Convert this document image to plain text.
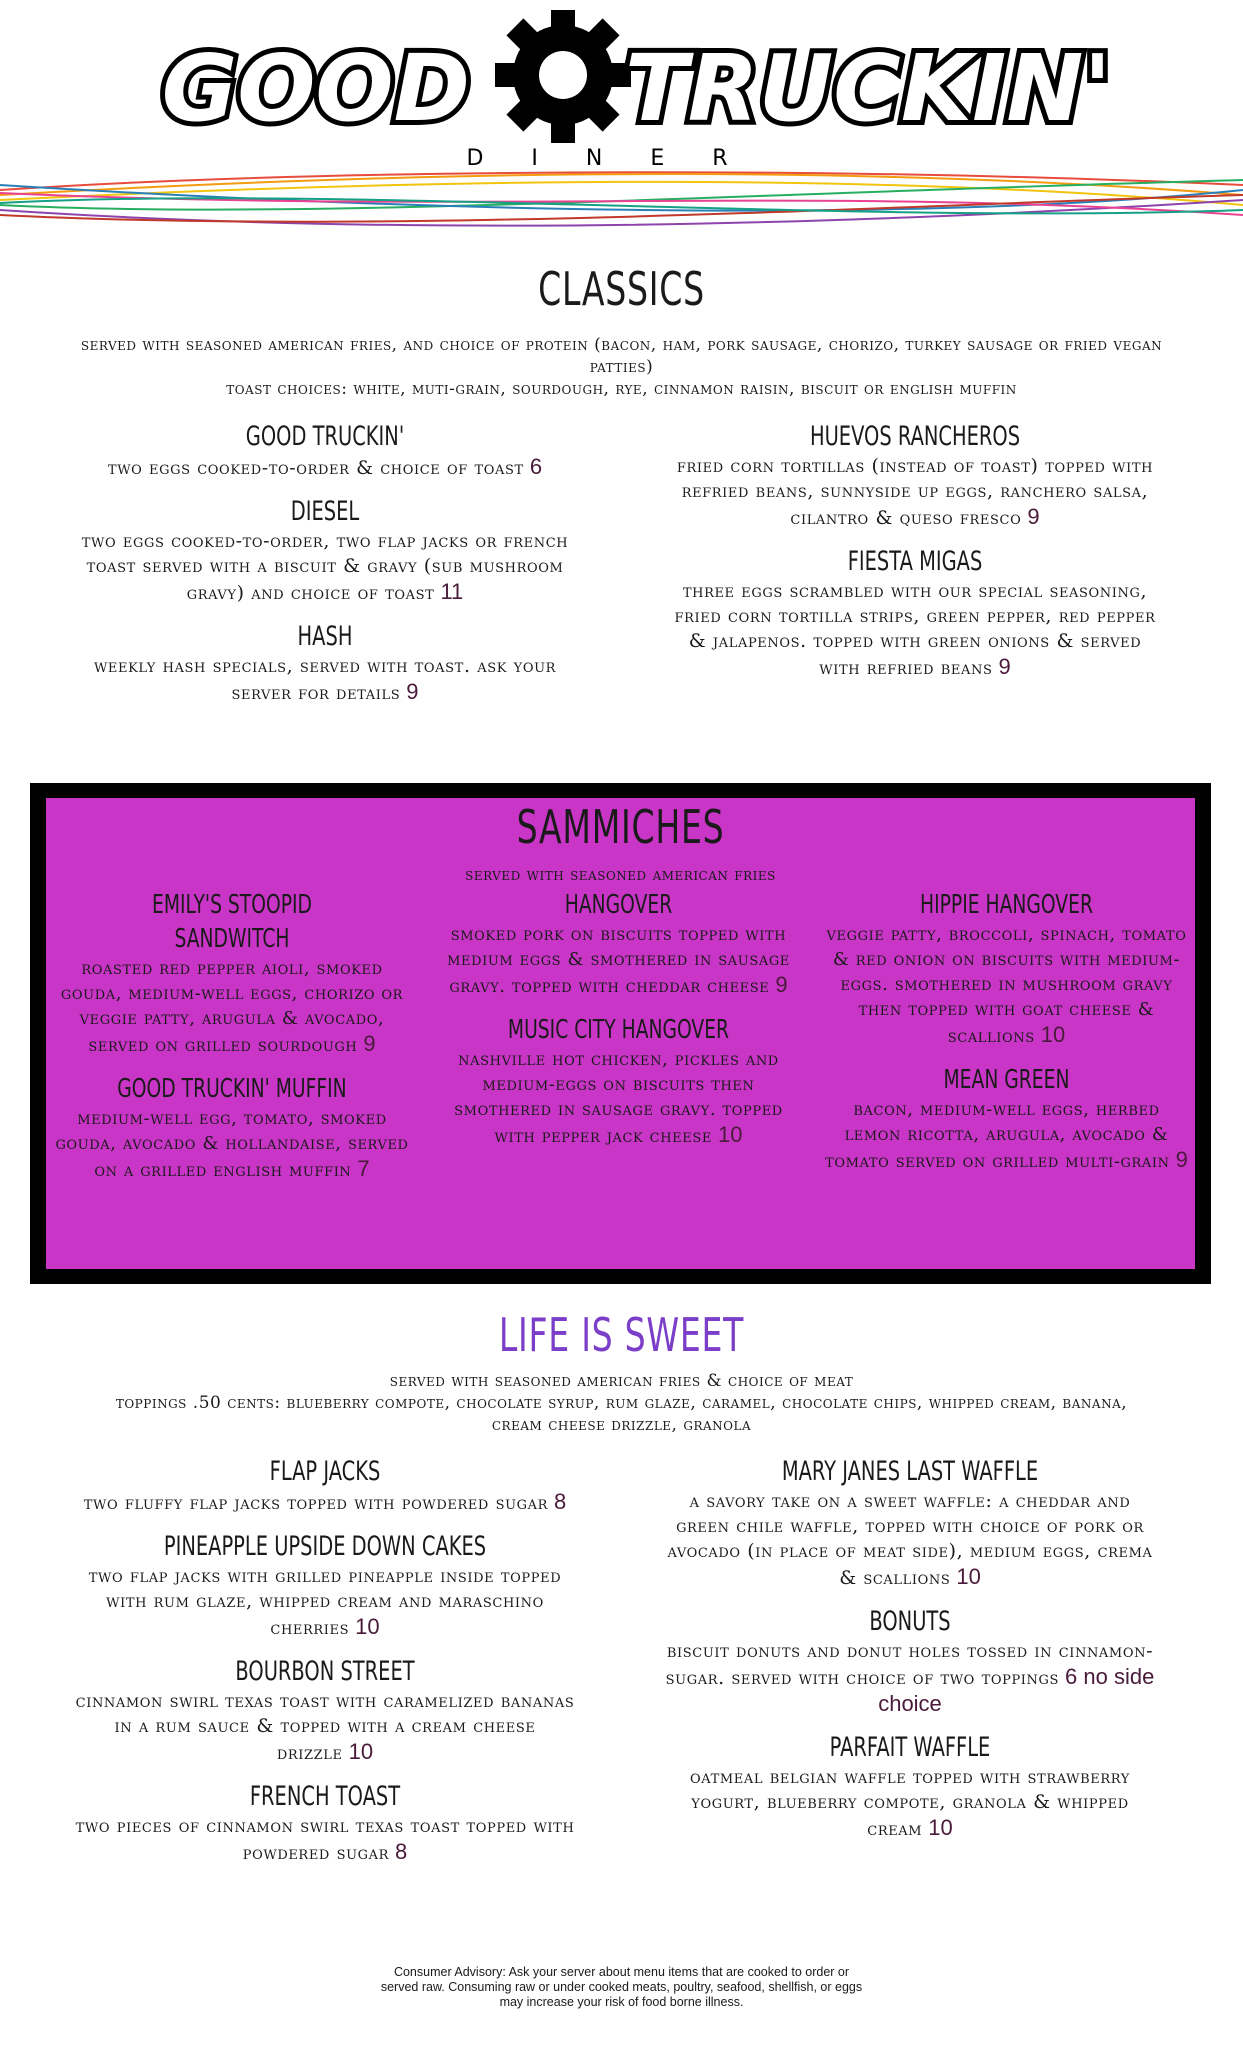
GOOD TRUCKIN'
DINER
CLASSICS
served with seasoned american fries, and choice of protein (bacon, ham, pork sausage, chorizo, turkey sausage or fried vegan patties)
toast choices: white, muti-grain, sourdough, rye, cinnamon raisin, biscuit or english muffin
GOOD TRUCKIN'
two eggs cooked-to-order & choice of toast 6
DIESEL
two eggs cooked-to-order, two flap jacks or french toast served with a biscuit & gravy (sub mushroom gravy) and choice of toast 11
HASH
weekly hash specials, served with toast. ask your server for details 9
HUEVOS RANCHEROS
fried corn tortillas (instead of toast) topped with refried beans, sunnyside up eggs, ranchero salsa, cilantro & queso fresco 9
FIESTA MIGAS
three eggs scrambled with our special seasoning, fried corn tortilla strips, green pepper, red pepper & jalapenos. topped with green onions & served with refried beans 9
SAMMICHES
served with seasoned american fries
EMILY'S STOOPID SANDWITCH
roasted red pepper aioli, smoked gouda, medium-well eggs, chorizo or veggie patty, arugula & avocado, served on grilled sourdough 9
GOOD TRUCKIN' MUFFIN
medium-well egg, tomato, smoked gouda, avocado & hollandaise, served on a grilled english muffin 7
HANGOVER
smoked pork on biscuits topped with medium eggs & smothered in sausage gravy. topped with cheddar cheese 9
MUSIC CITY HANGOVER
nashville hot chicken, pickles and medium-eggs on biscuits then smothered in sausage gravy. topped with pepper jack cheese 10
HIPPIE HANGOVER
veggie patty, broccoli, spinach, tomato & red onion on biscuits with medium-eggs. smothered in mushroom gravy then topped with goat cheese & scallions 10
MEAN GREEN
bacon, medium-well eggs, herbed lemon ricotta, arugula, avocado & tomato served on grilled multi-grain 9
LIFE IS SWEET
served with seasoned american fries & choice of meat
toppings .50 cents: blueberry compote, chocolate syrup, rum glaze, caramel, chocolate chips, whipped cream, banana, cream cheese drizzle, granola
FLAP JACKS
two fluffy flap jacks topped with powdered sugar 8
PINEAPPLE UPSIDE DOWN CAKES
two flap jacks with grilled pineapple inside topped with rum glaze, whipped cream and maraschino cherries 10
BOURBON STREET
cinnamon swirl texas toast with caramelized bananas in a rum sauce & topped with a cream cheese drizzle 10
FRENCH TOAST
two pieces of cinnamon swirl texas toast topped with powdered sugar 8
MARY JANES LAST WAFFLE
a savory take on a sweet waffle: a cheddar and green chile waffle, topped with choice of pork or avocado (in place of meat side), medium eggs, crema & scallions 10
BONUTS
biscuit donuts and donut holes tossed in cinnamon-sugar. served with choice of two toppings 6 no side choice
PARFAIT WAFFLE
oatmeal belgian waffle topped with strawberry yogurt, blueberry compote, granola & whipped cream 10
Consumer Advisory: Ask your server about menu items that are cooked to order or served raw. Consuming raw or under cooked meats, poultry, seafood, shellfish, or eggs may increase your risk of food borne illness.
